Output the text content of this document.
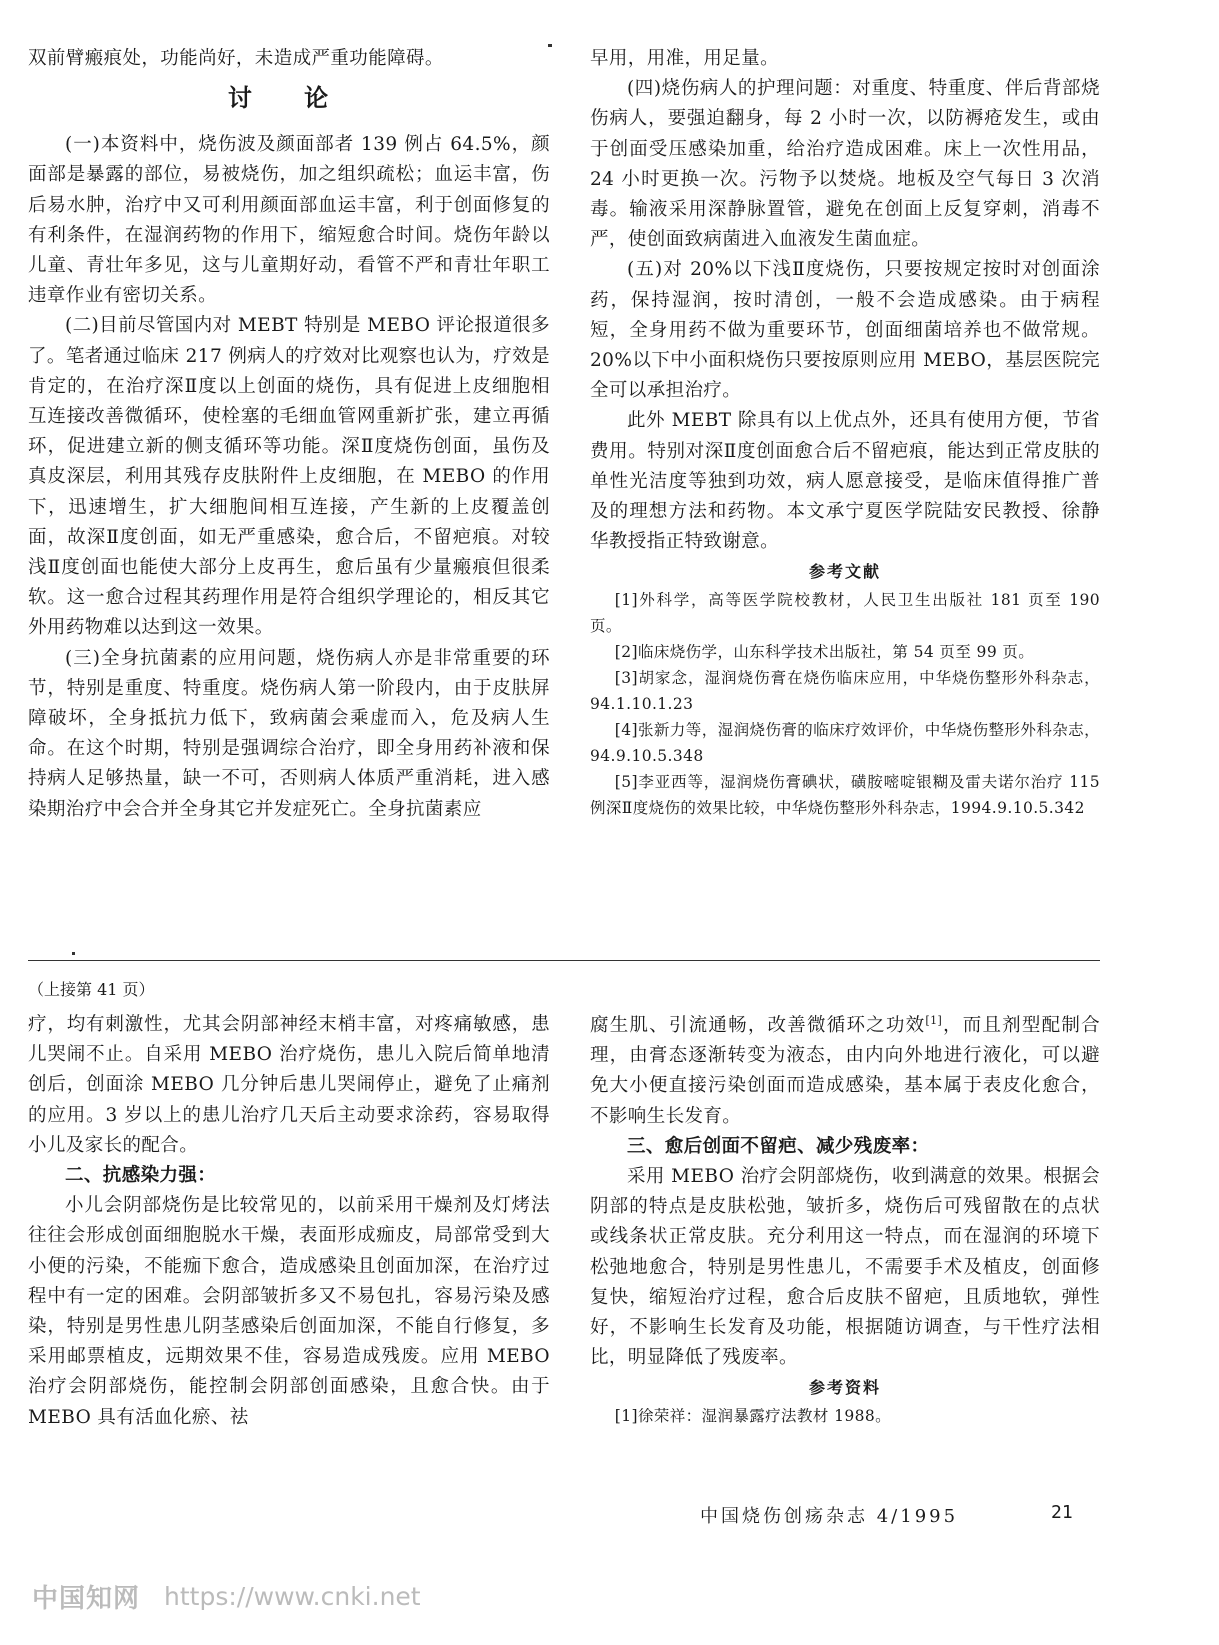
双前臂瘢痕处，功能尚好，未造成严重功能障碍。

讨 论

(一)本资料中，烧伤波及颜面部者 139 例占 64.5%，颜面部是暴露的部位，易被烧伤，加之组织疏松；血运丰富，伤后易水肿，治疗中又可利用颜面部血运丰富，利于创面修复的有利条件，在湿润药物的作用下，缩短愈合时间。烧伤年龄以儿童、青壮年多见，这与儿童期好动，看管不严和青壮年职工违章作业有密切关系。

(二)目前尽管国内对 MEBT 特别是 MEBO 评论报道很多了。笔者通过临床 217 例病人的疗效对比观察也认为，疗效是肯定的，在治疗深Ⅱ度以上创面的烧伤，具有促进上皮细胞相互连接改善微循环，使栓塞的毛细血管网重新扩张，建立再循环，促进建立新的侧支循环等功能。深Ⅱ度烧伤创面，虽伤及真皮深层，利用其残存皮肤附件上皮细胞，在 MEBO 的作用下，迅速增生，扩大细胞间相互连接，产生新的上皮覆盖创面，故深Ⅱ度创面，如无严重感染，愈合后，不留疤痕。对较浅Ⅱ度创面也能使大部分上皮再生，愈后虽有少量瘢痕但很柔软。这一愈合过程其药理作用是符合组织学理论的，相反其它外用药物难以达到这一效果。

(三)全身抗菌素的应用问题，烧伤病人亦是非常重要的环节，特别是重度、特重度。烧伤病人第一阶段内，由于皮肤屏障破坏，全身抵抗力低下，致病菌会乘虚而入，危及病人生命。在这个时期，特别是强调综合治疗，即全身用药补液和保持病人足够热量，缺一不可，否则病人体质严重消耗，进入感染期治疗中会合并全身其它并发症死亡。全身抗菌素应

早用，用准，用足量。

(四)烧伤病人的护理问题：对重度、特重度、伴后背部烧伤病人，要强迫翻身，每 2 小时一次，以防褥疮发生，或由于创面受压感染加重，给治疗造成困难。床上一次性用品，24 小时更换一次。污物予以焚烧。地板及空气每日 3 次消毒。输液采用深静脉置管，避免在创面上反复穿刺，消毒不严，使创面致病菌进入血液发生菌血症。

(五)对 20%以下浅Ⅱ度烧伤，只要按规定按时对创面涂药，保持湿润，按时清创，一般不会造成感染。由于病程短，全身用药不做为重要环节，创面细菌培养也不做常规。20%以下中小面积烧伤只要按原则应用 MEBO，基层医院完全可以承担治疗。

此外 MEBT 除具有以上优点外，还具有使用方便，节省费用。特别对深Ⅱ度创面愈合后不留疤痕，能达到正常皮肤的单性光洁度等独到功效，病人愿意接受，是临床值得推广普及的理想方法和药物。本文承宁夏医学院陆安民教授、徐静华教授指正特致谢意。

参考文献

[1]外科学，高等医学院校教材，人民卫生出版社 181 页至 190 页。

[2]临床烧伤学，山东科学技术出版社，第 54 页至 99 页。

[3]胡家念，湿润烧伤膏在烧伤临床应用，中华烧伤整形外科杂志，94.1.10.1.23

[4]张新力等，湿润烧伤膏的临床疗效评价，中华烧伤整形外科杂志，94.9.10.5.348

[5]李亚西等，湿润烧伤膏碘状，磺胺嘧啶银糊及雷夫诺尔治疗 115 例深Ⅱ度烧伤的效果比较，中华烧伤整形外科杂志，1994.9.10.5.342

（上接第 41 页）

疗，均有刺激性，尤其会阴部神经末梢丰富，对疼痛敏感，患儿哭闹不止。自采用 MEBO 治疗烧伤，患儿入院后简单地清创后，创面涂 MEBO 几分钟后患儿哭闹停止，避免了止痛剂的应用。3 岁以上的患儿治疗几天后主动要求涂药，容易取得小儿及家长的配合。

二、抗感染力强：

小儿会阴部烧伤是比较常见的，以前采用干燥剂及灯烤法往往会形成创面细胞脱水干燥，表面形成痂皮，局部常受到大小便的污染，不能痂下愈合，造成感染且创面加深，在治疗过程中有一定的困难。会阴部皱折多又不易包扎，容易污染及感染，特别是男性患儿阴茎感染后创面加深，不能自行修复，多采用邮票植皮，远期效果不佳，容易造成残废。应用 MEBO 治疗会阴部烧伤，能控制会阴部创面感染，且愈合快。由于 MEBO 具有活血化瘀、祛

腐生肌、引流通畅，改善微循环之功效[1]，而且剂型配制合理，由膏态逐渐转变为液态，由内向外地进行液化，可以避免大小便直接污染创面而造成感染，基本属于表皮化愈合，不影响生长发育。

三、愈后创面不留疤、减少残废率：

采用 MEBO 治疗会阴部烧伤，收到满意的效果。根据会阴部的特点是皮肤松弛，皱折多，烧伤后可残留散在的点状或线条状正常皮肤。充分利用这一特点，而在湿润的环境下松弛地愈合，特别是男性患儿，不需要手术及植皮，创面修复快，缩短治疗过程，愈合后皮肤不留疤，且质地软，弹性好，不影响生长发育及功能，根据随访调查，与干性疗法相比，明显降低了残废率。

参考资料

[1]徐荣祥：湿润暴露疗法教材 1988。

中国烧伤创疡杂志 4/1995	21
中国知网 https://www.cnki.net
